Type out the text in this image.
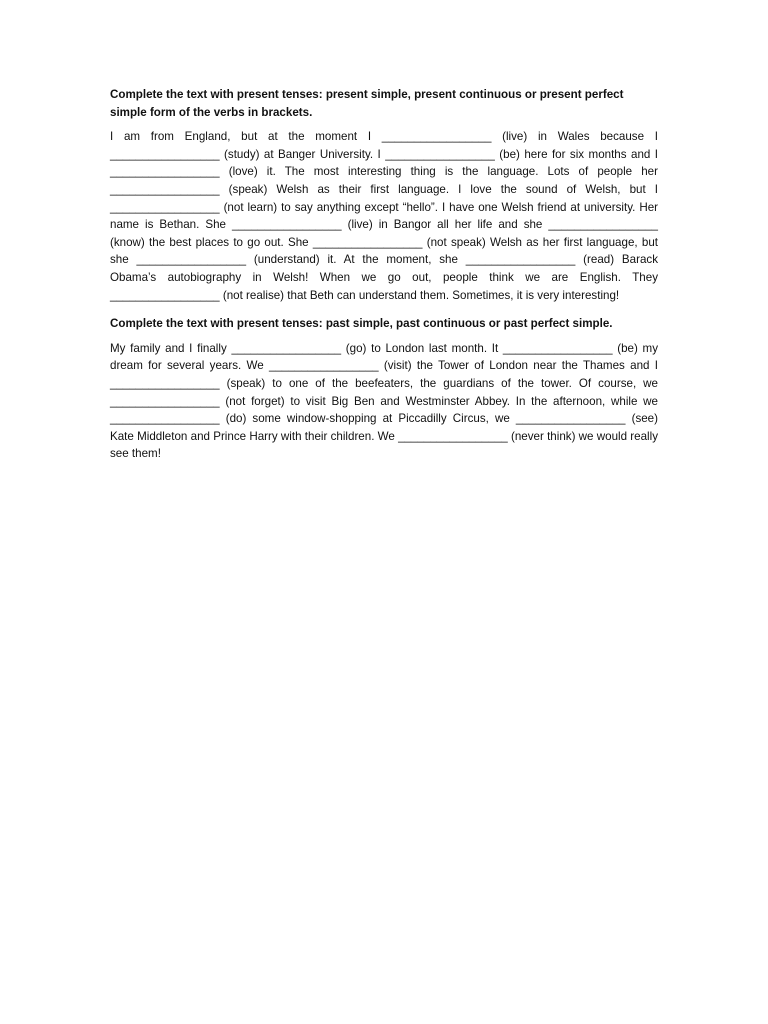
Complete the text with present tenses: present simple, present continuous or present perfect simple form of the verbs in brackets.

I am from England, but at the moment I _________________ (live) in Wales because I _________________ (study) at Banger University. I _________________ (be) here for six months and I _________________ (love) it. The most interesting thing is the language. Lots of people her _________________ (speak) Welsh as their first language. I love the sound of Welsh, but I _________________ (not learn) to say anything except “hello”. I have one Welsh friend at university. Her name is Bethan. She _________________ (live) in Bangor all her life and she _________________ (know) the best places to go out. She _________________ (not speak) Welsh as her first language, but she _________________ (understand) it. At the moment, she _________________ (read) Barack Obama’s autobiography in Welsh! When we go out, people think we are English. They _________________ (not realise) that Beth can understand them. Sometimes, it is very interesting!

Complete the text with present tenses: past simple, past continuous or past perfect simple.

My family and I finally _________________ (go) to London last month. It _________________ (be) my dream for several years. We _________________ (visit) the Tower of London near the Thames and I _________________ (speak) to one of the beefeaters, the guardians of the tower. Of course, we _________________ (not forget) to visit Big Ben and Westminster Abbey. In the afternoon, while we _________________ (do) some window-shopping at Piccadilly Circus, we _________________ (see) Kate Middleton and Prince Harry with their children. We _________________ (never think) we would really see them!
